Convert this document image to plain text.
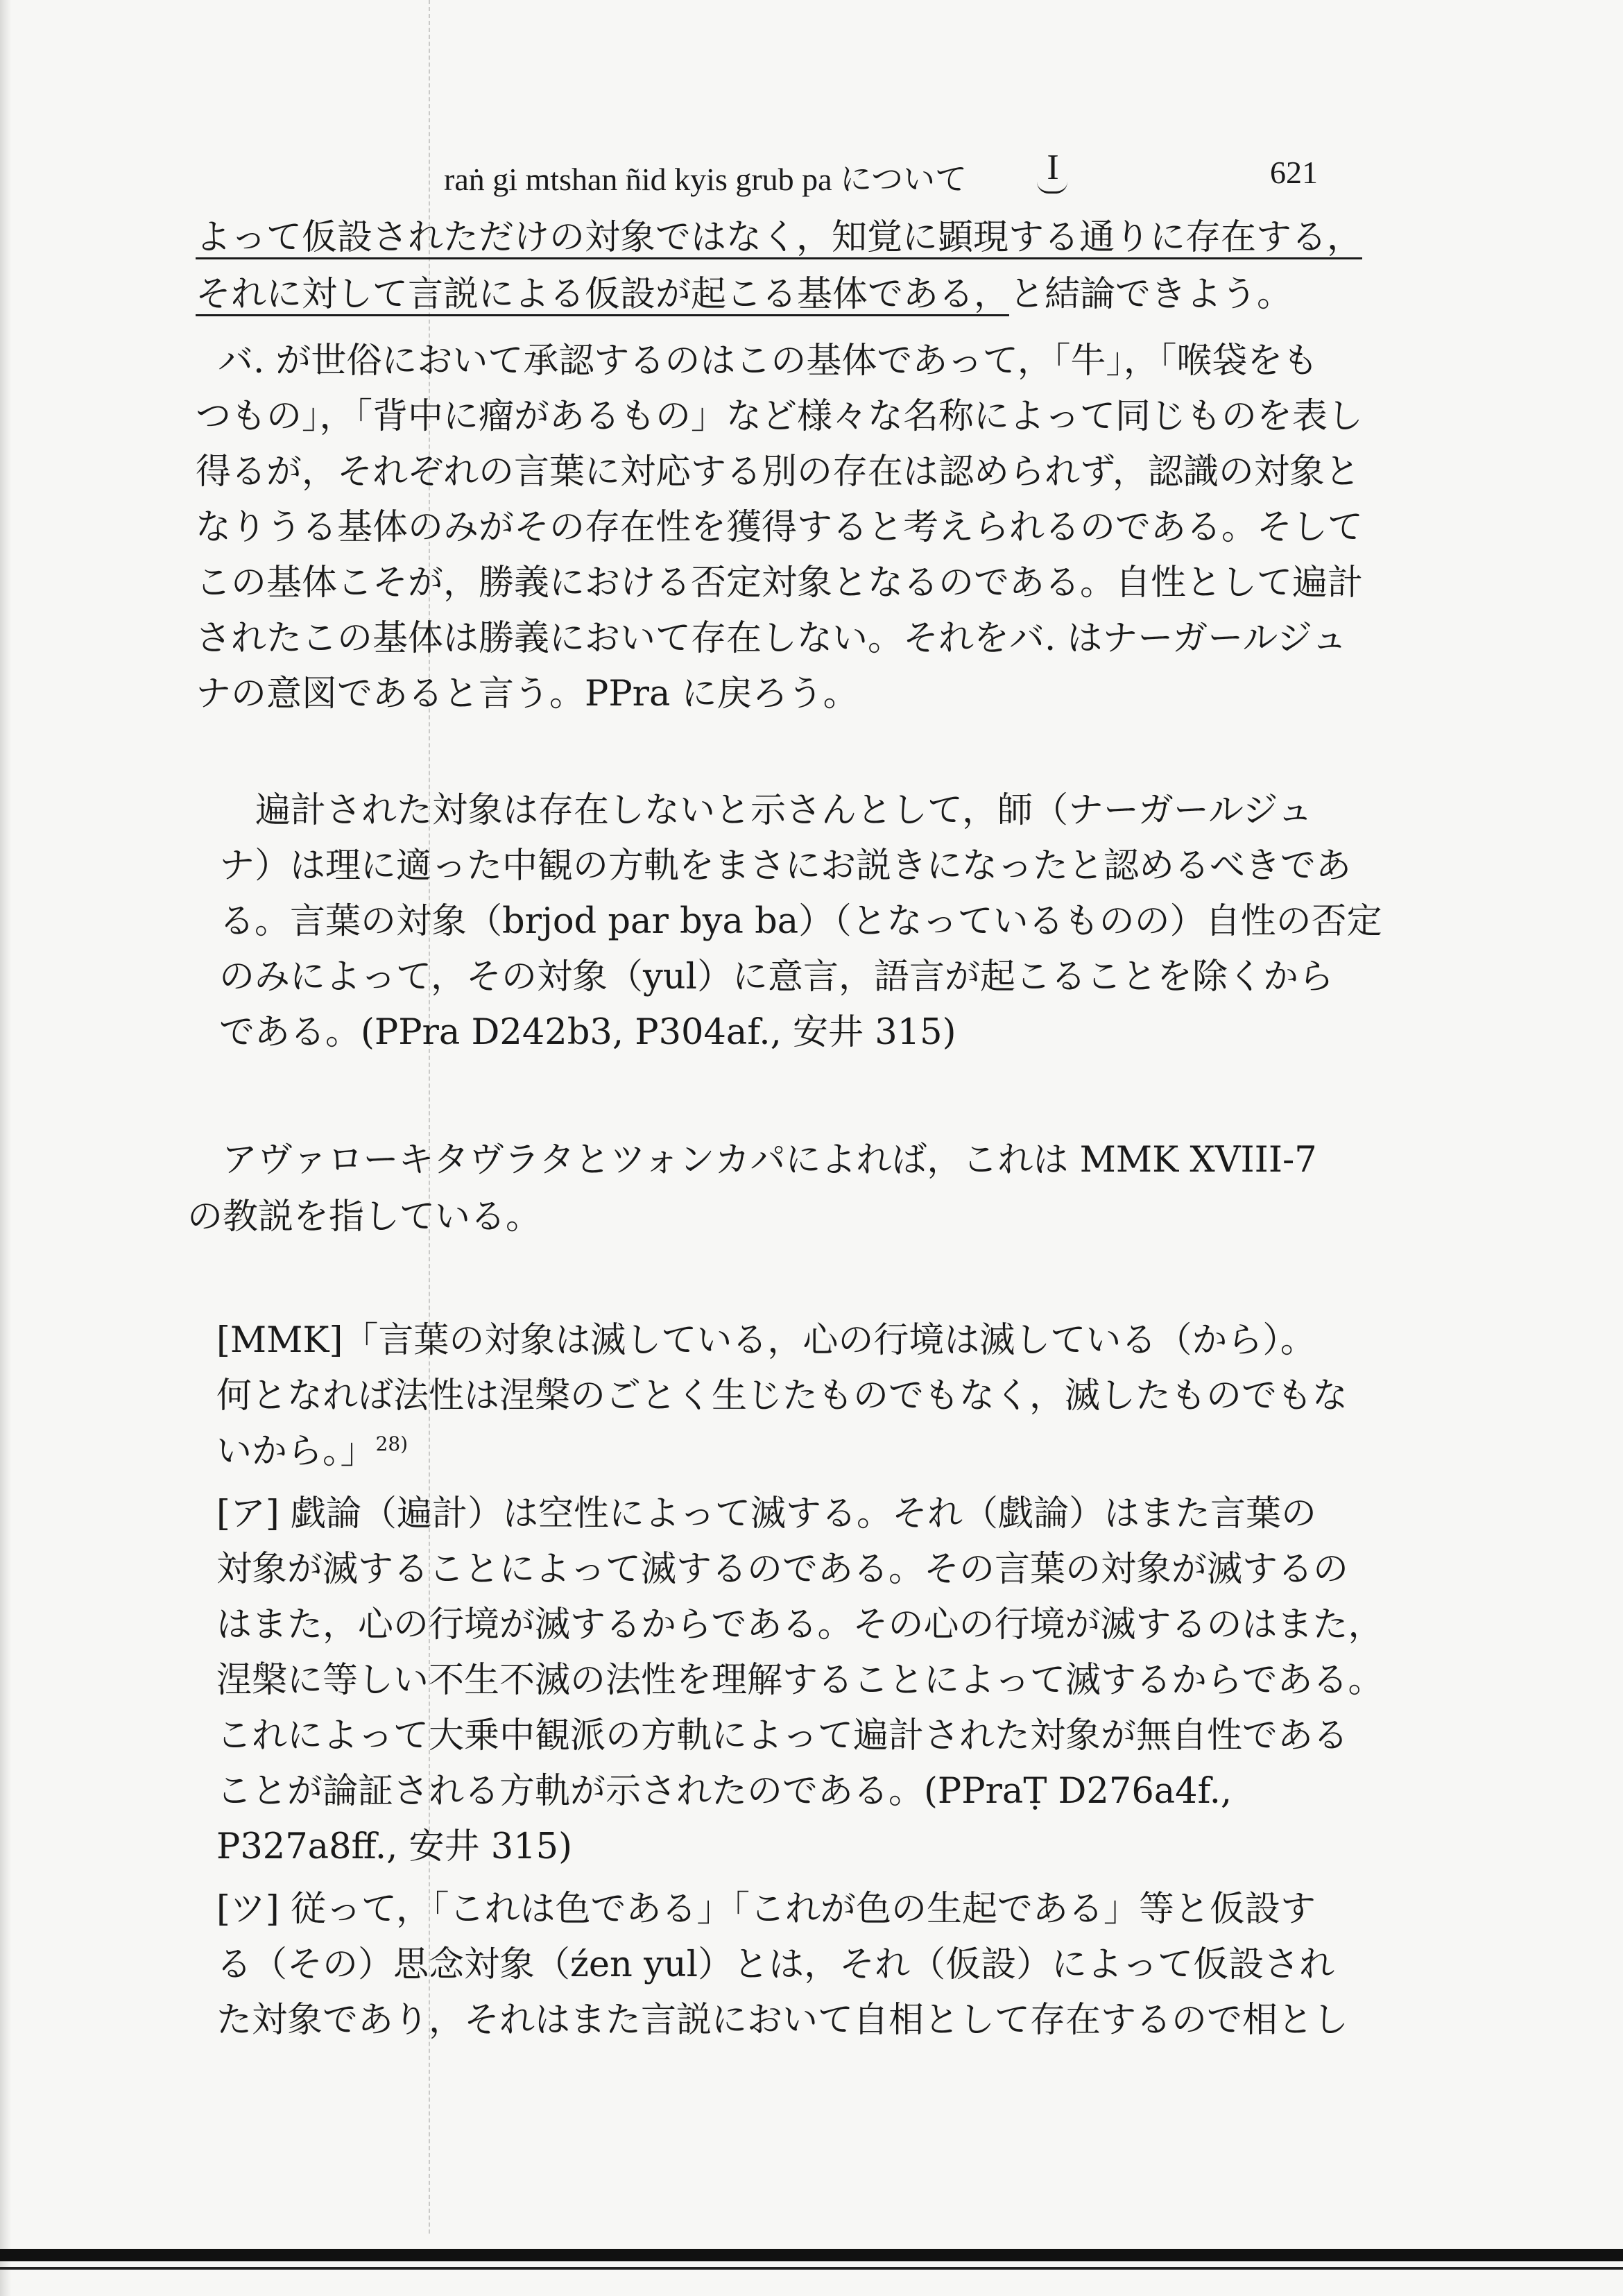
raṅ gi mtshan ñid kyis grub pa について	I	621
よって仮設されただけの対象ではなく，知覚に顕現する通りに存在する，
それに対して言説による仮設が起こる基体である，と結論できよう。
バ. が世俗において承認するのはこの基体であって，「牛」，「喉袋をも
つもの」，「背中に瘤があるもの」など様々な名称によって同じものを表し
得るが，それぞれの言葉に対応する別の存在は認められず，認識の対象と
なりうる基体のみがその存在性を獲得すると考えられるのである。そして
この基体こそが，勝義における否定対象となるのである。自性として遍計
されたこの基体は勝義において存在しない。それをバ. はナーガールジュ
ナの意図であると言う。PPra に戻ろう。
遍計された対象は存在しないと示さんとして，師（ナーガールジュ
ナ）は理に適った中観の方軌をまさにお説きになったと認めるべきであ
る。言葉の対象（brjod par bya ba）（となっているものの）自性の否定
のみによって，その対象（yul）に意言，語言が起こることを除くから
である。(PPra D242b3, P304af., 安井 315)
アヴァローキタヴラタとツォンカパによれば，これは MMK XVIII-7
の教説を指している。
[MMK]「言葉の対象は滅している，心の行境は滅している（から）。
何となれば法性は涅槃のごとく生じたものでもなく，滅したものでもな
いから。」$^{28)}$
[ア] 戯論（遍計）は空性によって滅する。それ（戯論）はまた言葉の
対象が滅することによって滅するのである。その言葉の対象が滅するの
はまた，心の行境が滅するからである。その心の行境が滅するのはまた，
涅槃に等しい不生不滅の法性を理解することによって滅するからである。
これによって大乗中観派の方軌によって遍計された対象が無自性である
ことが論証される方軌が示されたのである。(PPraṬ D276a4f.,
P327a8ff., 安井 315)
[ツ] 従って，「これは色である」「これが色の生起である」等と仮設す
る（その）思念対象（źen yul）とは，それ（仮設）によって仮設され
た対象であり，それはまた言説において自相として存在するので相とし
